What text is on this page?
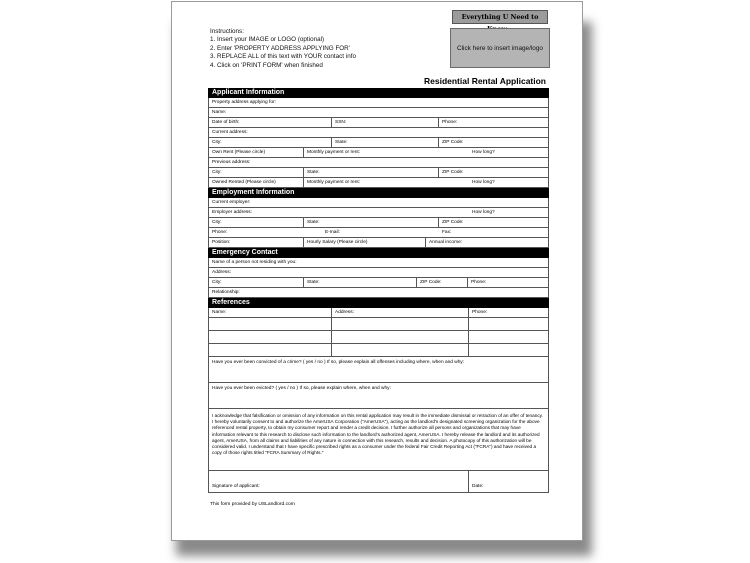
Instructions:
1. Insert your IMAGE or LOGO (optional)
2. Enter 'PROPERTY ADDRESS APPLYING FOR'
3. REPLACE ALL of this text with YOUR contact info
4. Click on 'PRINT FORM' when finished
Everything U Need to
Click here to insert image/logo
Residential Rental Application
Applicant Information
Property address applying for:
Name:
Date of birth:	SSN:	Phone:
Current address:
City:	State:	ZIP Code:
Own Rent (Please circle)	Monthly payment or rent:	How long?
Previous address:
City:	State:	ZIP Code:
Owned Rented (Please circle)	Monthly payment or rent:	How long?
Employment Information
Current employer:
Employer address:	How long?
City:	State:	ZIP Code:
Phone:	E-mail:	Fax:
Position:	Hourly Salary (Please circle)	Annual income:
Emergency Contact
Name of a person not residing with you:
Address:
City:	State:	ZIP Code:	Phone:
Relationship:
References
Name:	Address:	Phone:
Have you ever been convicted of a crime? ( yes / no ) If so, please explain all offenses including where, when and why:
Have you ever been evicted? ( yes / no ) If so, please explain where, when and why:
I acknowledge that falsification or omission of any information on this rental application may result in the immediate dismissal or retraction of an offer of tenancy. I hereby voluntarily consent to and authorize the AmerUSA Corporation ("AmerUSA"), acting as the landlord's designated screening organization for the above referenced rental property, to obtain my consumer report and render a credit decision. I further authorize all persons and organizations that may have information relevant to this research to disclose such information to the landlord's authorized agent, AmerUSA. I hereby release the landlord and its authorized agent, AmerUSA, from all claims and liabilities of any nature in connection with this research, results and decision. A photocopy of this authorization will be considered valid. I understand that I have specific prescribed rights as a consumer under the federal Fair Credit Reporting Act ("FCRA") and have received a copy of those rights titled "FCRA Summary of Rights."
Signature of applicant:	Date:
This form provided by USLandlord.com
